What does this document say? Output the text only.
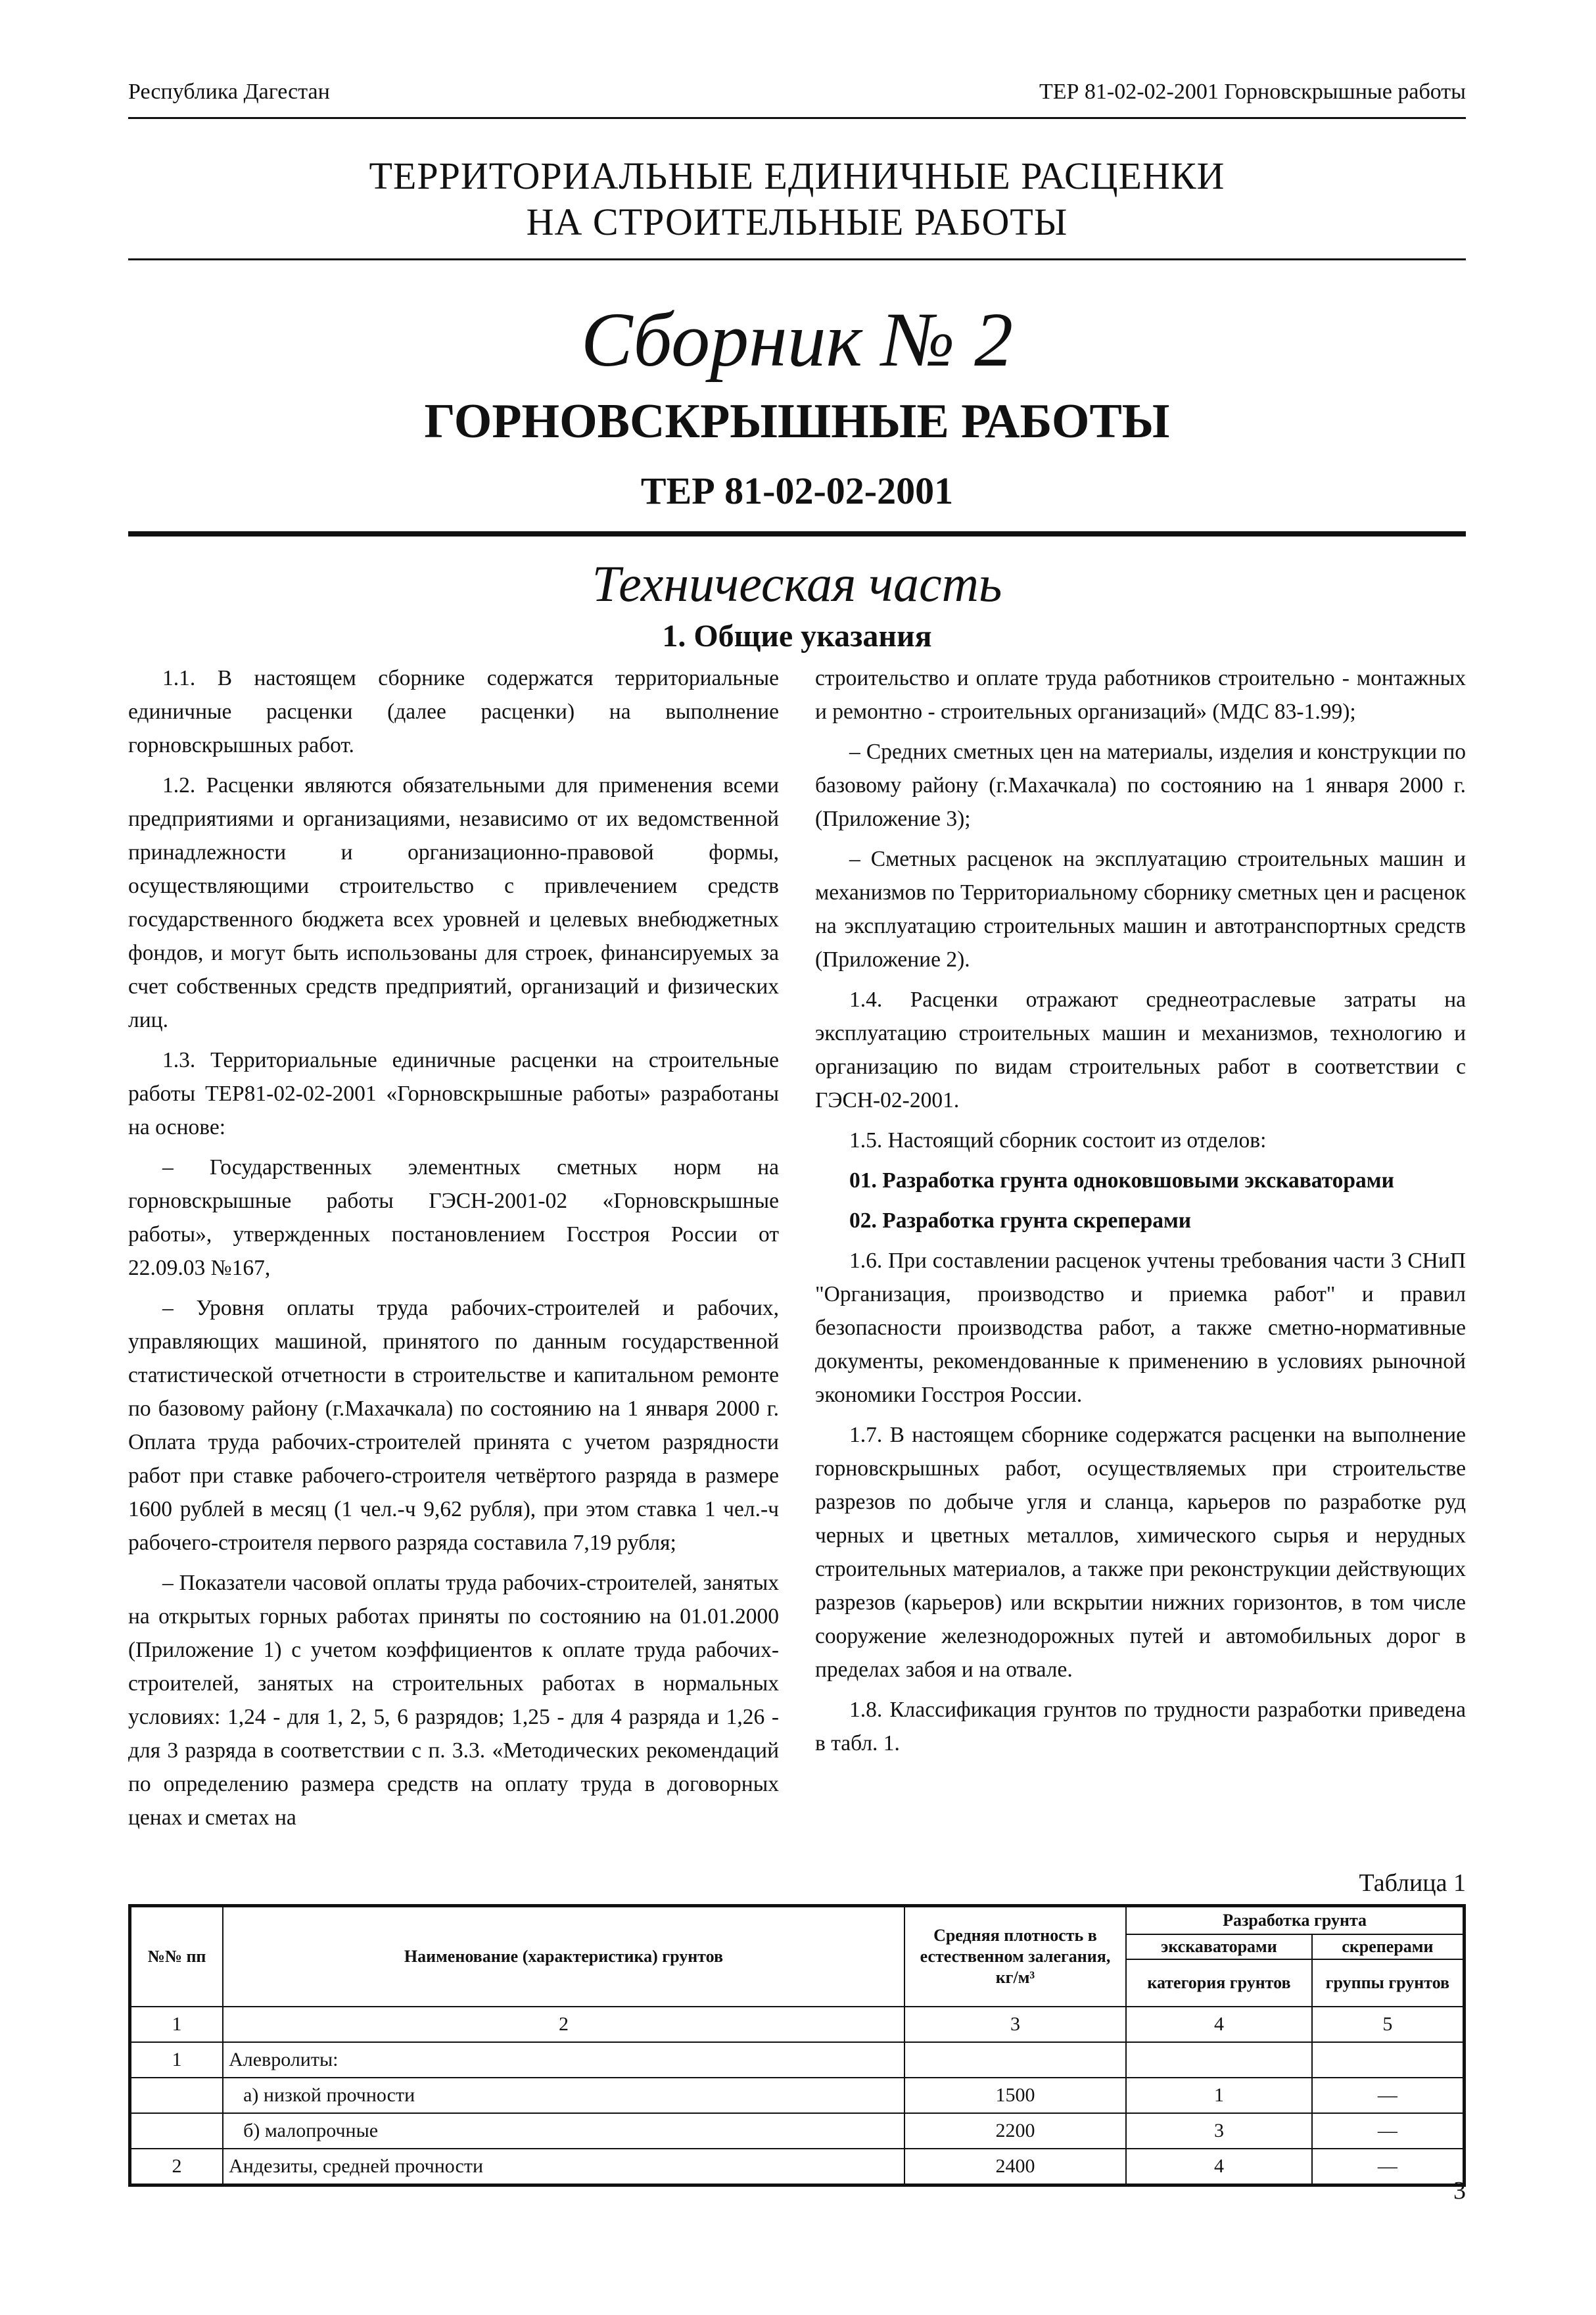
Республика Дагестан	ТЕР 81-02-02-2001 Горновскрышные работы
ТЕРРИТОРИАЛЬНЫЕ ЕДИНИЧНЫЕ РАСЦЕНКИ
НА СТРОИТЕЛЬНЫЕ РАБОТЫ
Сборник № 2
ГОРНОВСКРЫШНЫЕ РАБОТЫ
ТЕР 81-02-02-2001
Техническая часть
1. Общие указания

1.1. В настоящем сборнике содержатся территориальные единичные расценки (далее расценки) на выполнение горновскрышных работ.

1.2. Расценки являются обязательными для применения всеми предприятиями и организациями, независимо от их ведомственной принадлежности и организационно-правовой формы, осуществляющими строительство с привлечением средств государственного бюджета всех уровней и целевых внебюджетных фондов, и могут быть использованы для строек, финансируемых за счет собственных средств предприятий, организаций и физических лиц.

1.3. Территориальные единичные расценки на строительные работы ТЕР81-02-02-2001 «Горновскрышные работы» разработаны на основе:

– Государственных элементных сметных норм на горновскрышные работы ГЭСН-2001-02 «Горновскрышные работы», утвержденных постановлением Госстроя России от 22.09.03 №167,

– Уровня оплаты труда рабочих-строителей и рабочих, управляющих машиной, принятого по данным государственной статистической отчетности в строительстве и капитальном ремонте по базовому району (г.Махачкала) по состоянию на 1 января 2000 г. Оплата труда рабочих-строителей принята с учетом разрядности работ при ставке рабочего-строителя четвёртого разряда в размере 1600 рублей в месяц (1 чел.-ч 9,62 рубля), при этом ставка 1 чел.-ч рабочего-строителя первого разряда составила 7,19 рубля;

– Показатели часовой оплаты труда рабочих-строителей, занятых на открытых горных работах приняты по состоянию на 01.01.2000 (Приложение 1) с учетом коэффициентов к оплате труда рабочих-строителей, занятых на строительных работах в нормальных условиях: 1,24 - для 1, 2, 5, 6 разрядов; 1,25 - для 4 разряда и 1,26 - для 3 разряда в соответствии с п. 3.3. «Методических рекомендаций по определению размера средств на оплату труда в договорных ценах и сметах на

строительство и оплате труда работников строительно - монтажных и ремонтно - строительных организаций» (МДС 83-1.99);

– Средних сметных цен на материалы, изделия и конструкции по базовому району (г.Махачкала) по состоянию на 1 января 2000 г. (Приложение 3);

– Сметных расценок на эксплуатацию строительных машин и механизмов по Территориальному сборнику сметных цен и расценок на эксплуатацию строительных машин и автотранспортных средств (Приложение 2).

1.4. Расценки отражают среднеотраслевые затраты на эксплуатацию строительных машин и механизмов, технологию и организацию по видам строительных работ в соответствии с ГЭСН-02-2001.

1.5. Настоящий сборник состоит из отделов:

01. Разработка грунта одноковшовыми экскаваторами

02. Разработка грунта скреперами

1.6. При составлении расценок учтены требования части 3 СНиП "Организация, производство и приемка работ" и правил безопасности производства работ, а также сметно-нормативные документы, рекомендованные к применению в условиях рыночной экономики Госстроя России.

1.7. В настоящем сборнике содержатся расценки на выполнение горновскрышных работ, осуществляемых при строительстве разрезов по добыче угля и сланца, карьеров по разработке руд черных и цветных металлов, химического сырья и нерудных строительных материалов, а также при реконструкции действующих разрезов (карьеров) или вскрытии нижних горизонтов, в том числе сооружение железнодорожных путей и автомобильных дорог в пределах забоя и на отвале.

1.8. Классификация грунтов по трудности разработки приведена в табл. 1.

Таблица 1
№№ пп	Наименование (характеристика) грунтов	Средняя плотность в естественном залегания, кг/м³	Разработка грунта	
			экскаваторами	скреперами
			категория грунтов	группы грунтов
1	2	3	4	5
1	Алевролиты:			
	а) низкой прочности	1500	1	—
	б) малопрочные	2200	3	—
2	Андезиты, средней прочности	2400	4	—
3
